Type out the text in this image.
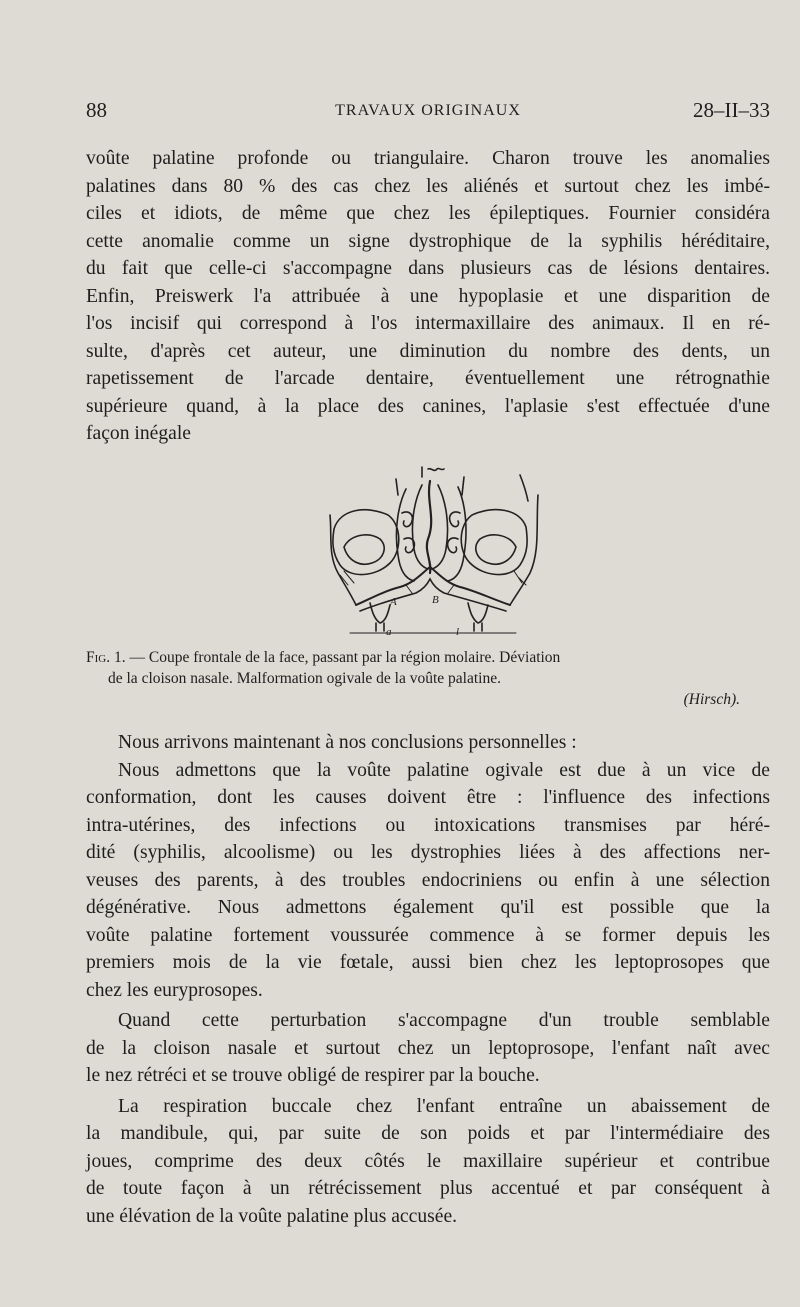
88	TRAVAUX ORIGINAUX	28–II–33

voûte palatine profonde ou triangulaire. Charon trouve les anomalies

palatines dans 80 % des cas chez les aliénés et surtout chez les imbé-

ciles et idiots, de même que chez les épileptiques. Fournier considéra

cette anomalie comme un signe dystrophique de la syphilis héréditaire,

du fait que celle-ci s'accompagne dans plusieurs cas de lésions dentaires.

Enfin, Preiswerk l'a attribuée à une hypoplasie et une disparition de

l'os incisif qui correspond à l'os intermaxillaire des animaux. Il en ré-

sulte, d'après cet auteur, une diminution du nombre des dents, un

rapetissement de l'arcade dentaire, éventuellement une rétrognathie

supérieure quand, à la place des canines, l'aplasie s'est effectuée d'une

façon inégale

A	B
a	l

Fig. 1. — Coupe frontale de la face, passant par la région molaire. Déviation

de la cloison nasale. Malformation ogivale de la voûte palatine.

(Hirsch).

Nous arrivons maintenant à nos conclusions personnelles :

Nous admettons que la voûte palatine ogivale est due à un vice de

conformation, dont les causes doivent être : l'influence des infections

intra-utérines, des infections ou intoxications transmises par héré-

dité (syphilis, alcoolisme) ou les dystrophies liées à des affections ner-

veuses des parents, à des troubles endocriniens ou enfin à une sélection

dégénérative. Nous admettons également qu'il est possible que la

voûte palatine fortement voussurée commence à se former depuis les

premiers mois de la vie fœtale, aussi bien chez les leptoprosopes que

chez les euryprosopes.

Quand cette perturbation s'accompagne d'un trouble semblable

de la cloison nasale et surtout chez un leptoprosope, l'enfant naît avec

le nez rétréci et se trouve obligé de respirer par la bouche.

La respiration buccale chez l'enfant entraîne un abaissement de

la mandibule, qui, par suite de son poids et par l'intermédiaire des

joues, comprime des deux côtés le maxillaire supérieur et contribue

de toute façon à un rétrécissement plus accentué et par conséquent à

une élévation de la voûte palatine plus accusée.
